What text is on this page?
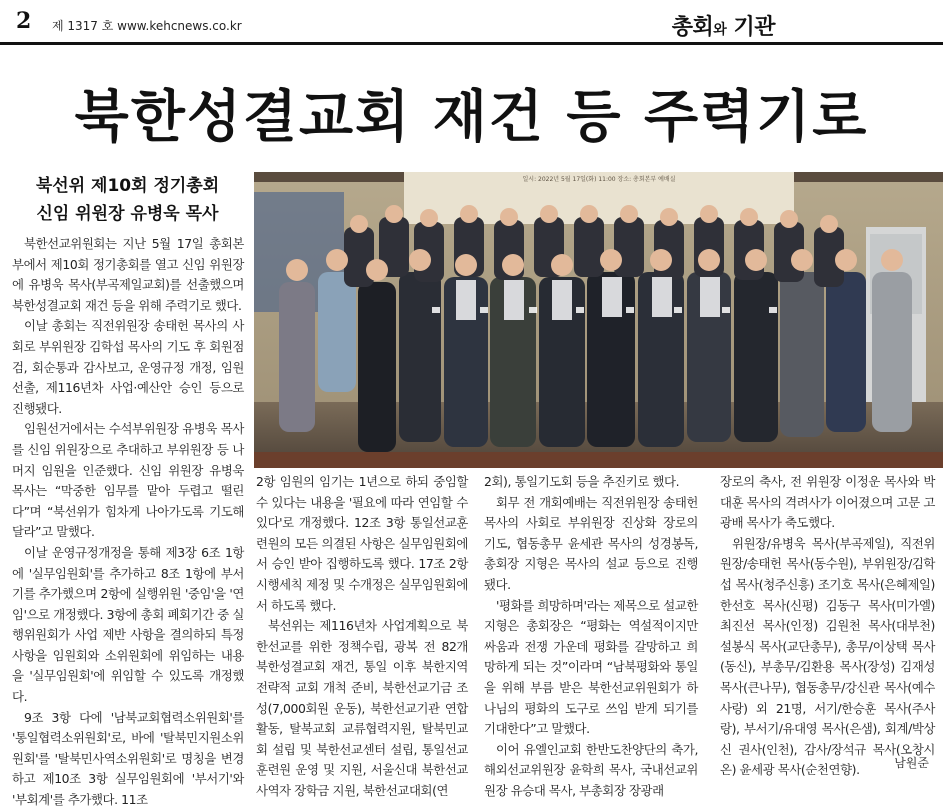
2 제 1317 호 www.kehcnews.co.kr	총회와 기관
북한성결교회 재건 등 주력기로
북선위 제10회 정기총회
신임 위원장 유병욱 목사
일시: 2022년 5월 17일(화) 11:00 장소: 총회본부 예배실

북한선교위원회는 지난 5월 17일 총회본부에서 제10회 정기총회를 열고 신임 위원장에 유병욱 목사(부곡제일교회)를 선출했으며 북한성결교회 재건 등을 위해 주력기로 했다.

이날 총회는 직전위원장 송태헌 목사의 사회로 부위원장 김학섭 목사의 기도 후 회원점검, 회순통과 감사보고, 운영규정 개정, 임원선출, 제116년차 사업·예산안 승인 등으로 진행됐다.

임원선거에서는 수석부위원장 유병욱 목사를 신임 위원장으로 추대하고 부위원장 등 나머지 임원을 인준했다. 신임 위원장 유병욱 목사는 “막중한 임무를 맡아 두렵고 떨린다”며 “북선위가 힘차게 나아가도록 기도해달라”고 말했다.

이날 운영규정개정을 통해 제3장 6조 1항에 '실무임원회'를 추가하고 8조 1항에 부서기를 추가했으며 2항에 실행위원 '중임'을 '연임'으로 개정했다. 3항에 총회 폐회기간 중 실행위원회가 사업 제반 사항을 결의하되 특정사항을 임원회와 소위원회에 위임하는 내용을 '실무임원회'에 위임할 수 있도록 개정했다.

9조 3항 다에 '남북교회협력소위원회'를 '통일협력소위원회'로, 바에 '탈북민지원소위원회'를 '탈북민사역소위원회'로 명칭을 변경하고 제10조 3항 실무임원회에 '부서기'와 '부회계'를 추가했다. 11조

2항 임원의 임기는 1년으로 하되 중임할 수 있다는 내용을 '필요에 따라 연임할 수 있다'로 개정했다. 12조 3항 통일선교훈련원의 모든 의결된 사항은 실무임원회에서 승인 받아 집행하도록 했다. 17조 2항 시행세칙 제정 및 수개정은 실무임원회에서 하도록 했다.

북선위는 제116년차 사업계획으로 북한선교를 위한 정책수립, 광복 전 82개 북한성결교회 재건, 통일 이후 북한지역 전략적 교회 개척 준비, 북한선교기금 조성(7,000회원 운동), 북한선교기관 연합활동, 탈북교회 교류협력지원, 탈북민교회 설립 및 북한선교센터 설립, 통일선교훈련원 운영 및 지원, 서울신대 북한선교사역자 장학금 지원, 북한선교대회(연

2회), 통일기도회 등을 추진키로 했다.

회무 전 개회예배는 직전위원장 송태헌 목사의 사회로 부위원장 진상화 장로의 기도, 협동총무 윤세관 목사의 성경봉독, 총회장 지형은 목사의 설교 등으로 진행됐다.

'평화를 희망하며'라는 제목으로 설교한 지형은 총회장은 “평화는 역설적이지만 싸움과 전쟁 가운데 평화를 갈망하고 희망하게 되는 것”이라며 “남북평화와 통일을 위해 부름 받은 북한선교위원회가 하나님의 평화의 도구로 쓰임 받게 되기를 기대한다”고 말했다.

이어 유엘인교회 한반도찬양단의 축가, 해외선교위원장 윤학희 목사, 국내선교위원장 유승대 목사, 부총회장 장광래

장로의 축사, 전 위원장 이정운 목사와 박대훈 목사의 격려사가 이어졌으며 고문 고광배 목사가 축도했다.

위원장/유병욱 목사(부곡제일), 직전위원장/송태헌 목사(동수원), 부위원장/김학섭 목사(청주신흥) 조기호 목사(은혜제일) 한선호 목사(신평) 김동구 목사(미가엘) 최진선 목사(인정) 김원천 목사(대부천) 설봉식 목사(교단총무), 총무/이상택 목사(동신), 부총무/김환용 목사(장성) 김재성 목사(큰나무), 협동총무/강신관 목사(예수사랑) 외 21명, 서기/한승훈 목사(주사랑), 부서기/유대영 목사(은샘), 회계/박상신 권사(인천), 감사/장석규 목사(오창시온) 윤세광 목사(순천연향).	남원준
